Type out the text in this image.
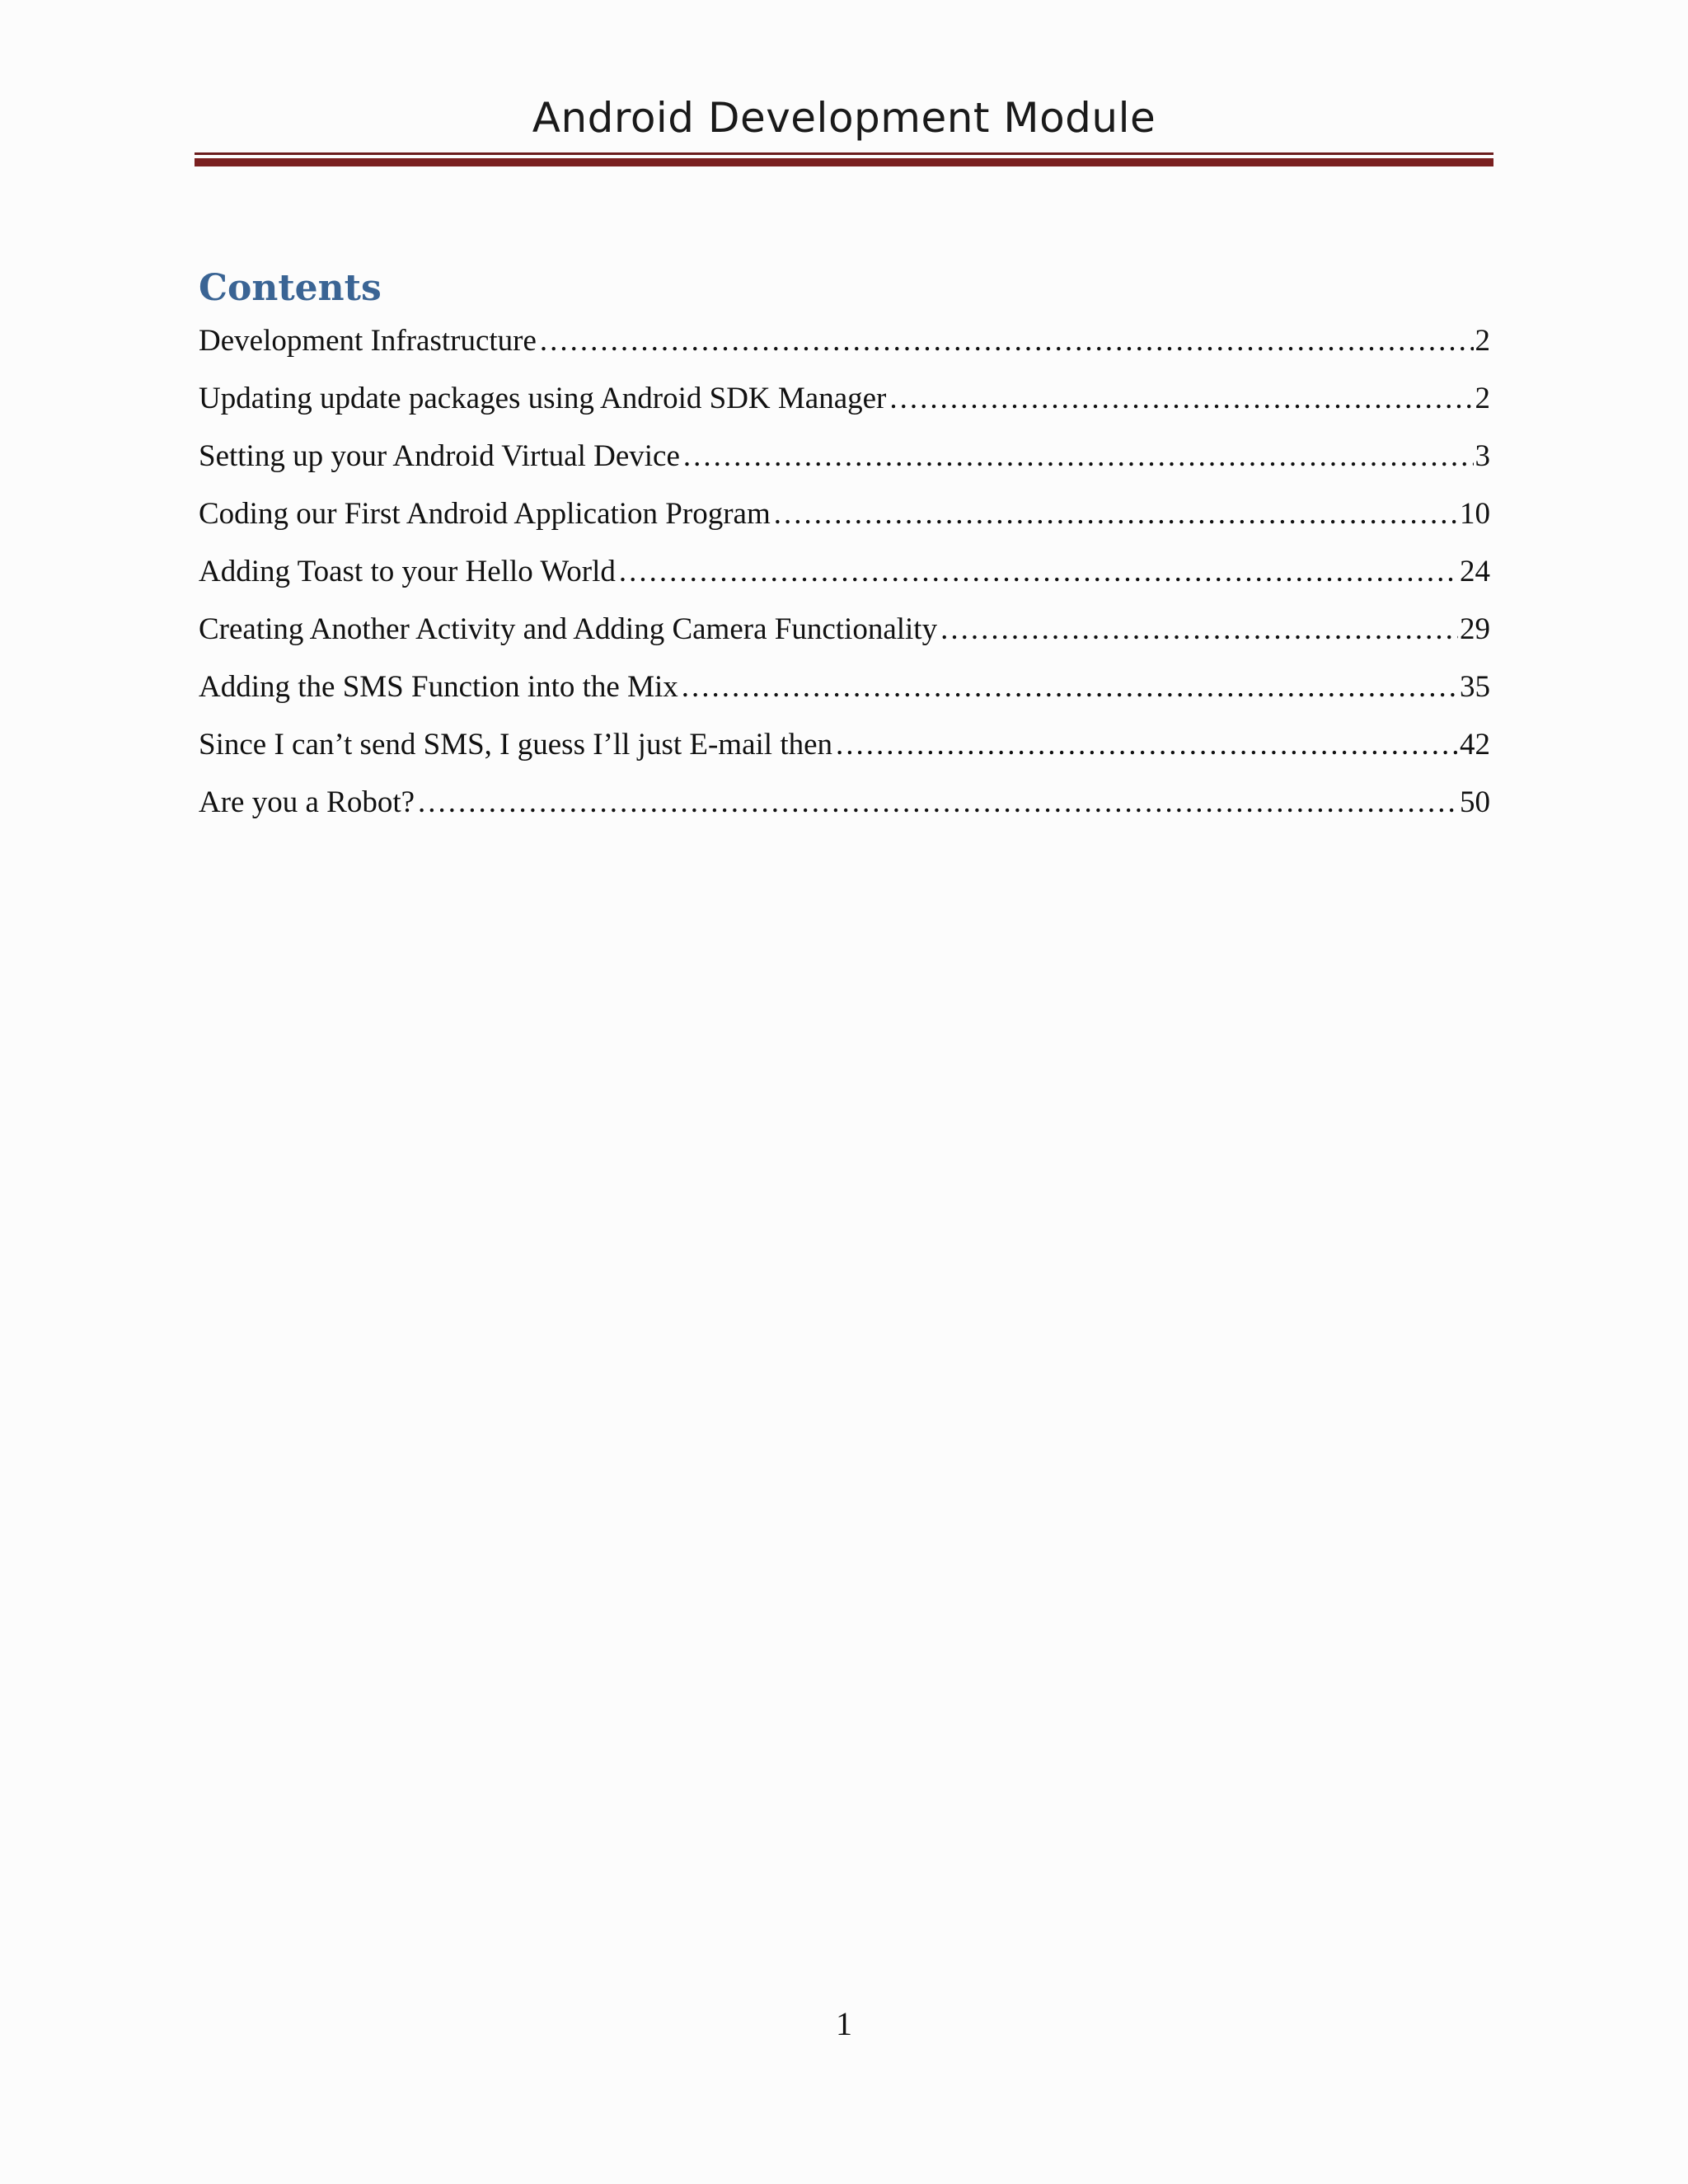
Android Development Module
Contents
Development Infrastructure .....	2
Updating update packages using Android SDK Manager .....	2
Setting up your Android Virtual Device .....	3
Coding our First Android Application Program .....	10
Adding Toast to your Hello World .....	24
Creating Another Activity and Adding Camera Functionality .....	29
Adding the SMS Function into the Mix .....	35
Since I can’t send SMS, I guess I’ll just E-mail then .....	42
Are you a Robot? .....	50
1
